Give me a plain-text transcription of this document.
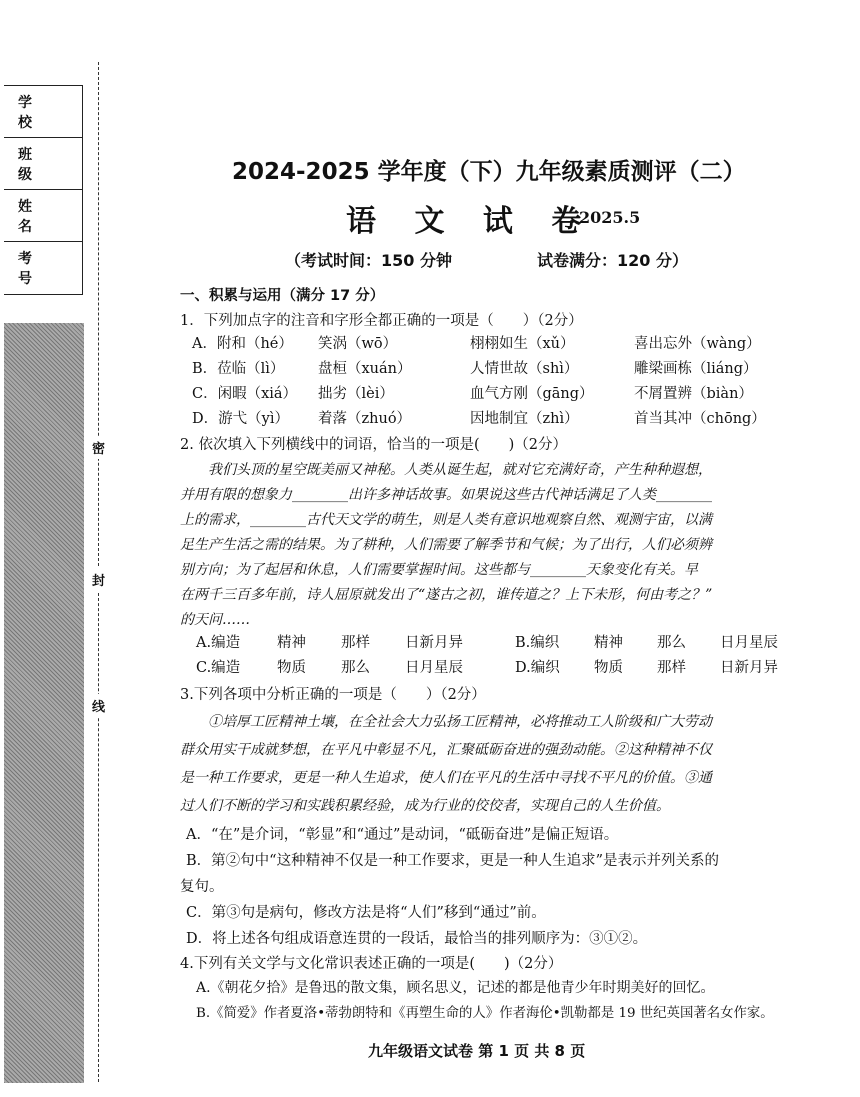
学 校
班 级
姓 名
考 号
密
封
线
2024-2025 学年度（下）九年级素质测评（二）
语 文 试 卷
2025.5
（考试时间：150 分钟	试卷满分：120 分）
一、积累与运用（满分 17 分）
1．下列加点字的注音和字形全都正确的一项是（　　）（2分）
A．附和（hé） 笑涡（wō）	栩栩如生（xǔ）	喜出忘外（wàng）
B．莅临（lì） 盘桓（xuán）	人情世故（shì）	雕梁画栋（liáng）
C．闲暇（xiá） 拙劣（lèi）	血气方刚（gāng）	不屑置辨（biàn）
D．游弋（yì） 着落（zhuó）	因地制宜（zhì）	首当其冲（chōng）
2. 依次填入下列横线中的词语，恰当的一项是(　　)（2分）
　　我们头顶的星空既美丽又神秘。人类从诞生起，就对它充满好奇，产生种种遐想，
并用有限的想象力________出许多神话故事。如果说这些古代神话满足了人类________
上的需求，________古代天文学的萌生，则是人类有意识地观察自然、观测宇宙，以满
足生产生活之需的结果。为了耕种，人们需要了解季节和气候；为了出行，人们必须辨
别方向；为了起居和休息，人们需要掌握时间。这些都与________天象变化有关。早
在两千三百多年前，诗人屈原就发出了“遂古之初，谁传道之？上下未形，何由考之？”
的天问……
A.编造	精神 那样 日新月异	B.编织 精神 那么 日月星辰
C.编造	物质 那么 日月星辰	D.编织 物质 那样 日新月异
3.下列各项中分析正确的一项是（　　）（2分）
　　①培厚工匠精神土壤，在全社会大力弘扬工匠精神，必将推动工人阶级和广大劳动
群众用实干成就梦想，在平凡中彰显不凡，汇聚砥砺奋进的强劲动能。②这种精神不仅
是一种工作要求，更是一种人生追求，使人们在平凡的生活中寻找不平凡的价值。③通
过人们不断的学习和实践积累经验，成为行业的佼佼者，实现自己的人生价值。
A．“在”是介词，“彰显”和“通过”是动词，“砥砺奋进”是偏正短语。
B．第②句中“这种精神不仅是一种工作要求，更是一种人生追求”是表示并列关系的
复句。
C．第③句是病句，修改方法是将“人们”移到“通过”前。
D．将上述各句组成语意连贯的一段话，最恰当的排列顺序为：③①②。
4.下列有关文学与文化常识表述正确的一项是(　　)（2分）
A.《朝花夕拾》是鲁迅的散文集，顾名思义，记述的都是他青少年时期美好的回忆。
B.《简爱》作者夏洛•蒂勃朗特和《再塑生命的人》作者海伦•凯勒都是 19 世纪英国著名女作家。
九年级语文试卷 第 1 页 共 8 页
